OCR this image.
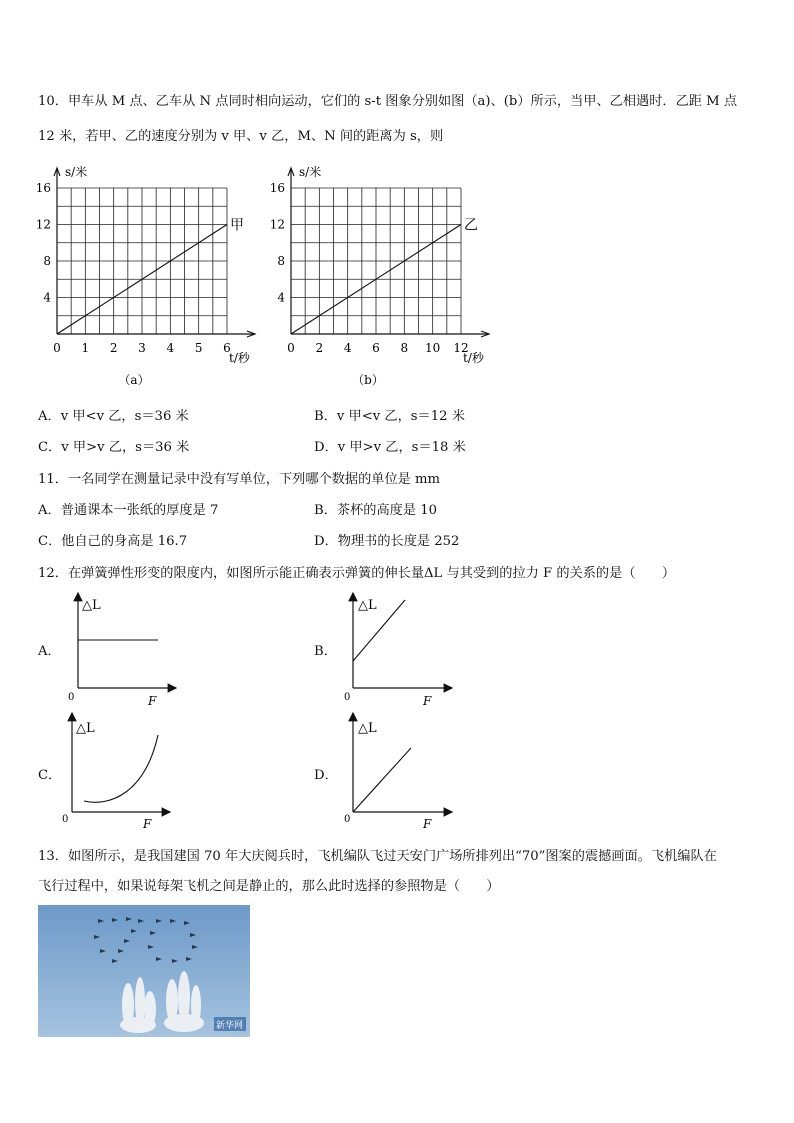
10．甲车从 M 点、乙车从 N 点同时相向运动，它们的 s-t 图象分别如图（a)、(b）所示，当甲、乙相遇时．乙距 M 点
12 米，若甲、乙的速度分别为 v 甲、v 乙，M、N 间的距离为 s，则
0 1 2 3 4 5 6
4
8
12
16
s/米
t/秒
甲
（a）
0 2 4 6 8 10 12
4
8
12
16
s/米
t/秒
乙
（b）
A．v 甲<v 乙，s＝36 米	B．v 甲<v 乙，s＝12 米
C．v 甲>v 乙，s＝36 米	D．v 甲>v 乙，s＝18 米
11．一名同学在测量记录中没有写单位，下列哪个数据的单位是 mm
A．普通课本一张纸的厚度是 7	B．茶杯的高度是 10
C．他自己的身高是 16.7	D．物理书的长度是 252
12．在弹簧弹性形变的限度内，如图所示能正确表示弹簧的伸长量ΔL 与其受到的拉力 F 的关系的是（　　）
A．	B．
C．	D．
△L
0	F
△L
0	F
△L
0	F
△L
0	F
13．如图所示，是我国建国 70 年大庆阅兵时，飞机编队飞过天安门广场所排列出“70”图案的震撼画面。飞机编队在
飞行过程中，如果说每架飞机之间是静止的，那么此时选择的参照物是（　　）
新华网
